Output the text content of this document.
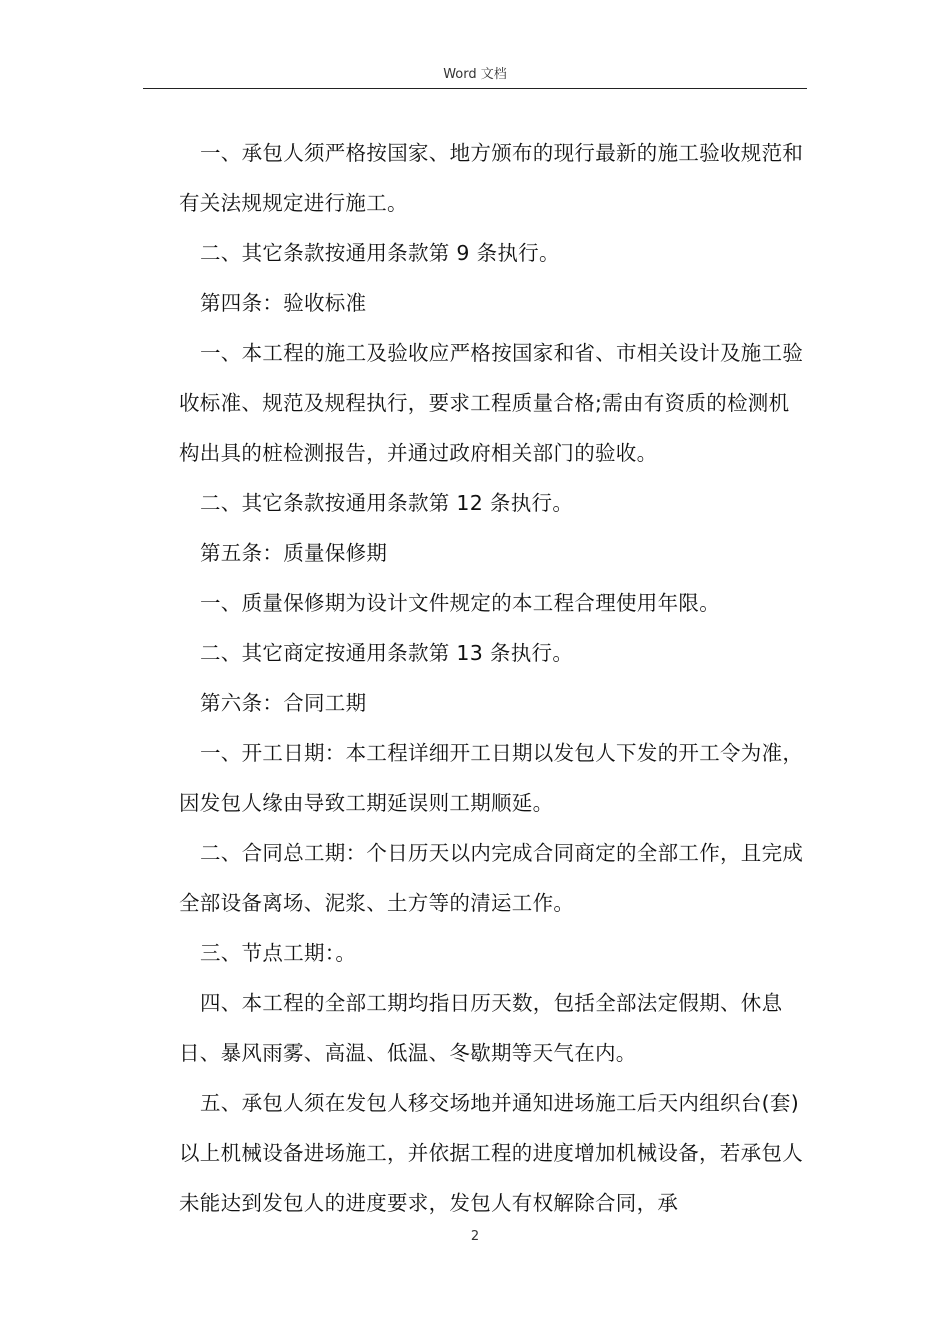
Word 文档

一、承包人须严格按国家、地方颁布的现行最新的施工验收规范和有关法规规定进行施工。

二、其它条款按通用条款第 9 条执行。

第四条：验收标准

一、本工程的施工及验收应严格按国家和省、市相关设计及施工验收标准、规范及规程执行，要求工程质量合格;需由有资质的检测机构出具的桩检测报告，并通过政府相关部门的验收。

二、其它条款按通用条款第 12 条执行。

第五条：质量保修期

一、质量保修期为设计文件规定的本工程合理使用年限。

二、其它商定按通用条款第 13 条执行。

第六条：合同工期

一、开工日期：本工程详细开工日期以发包人下发的开工令为准，因发包人缘由导致工期延误则工期顺延。

二、合同总工期：个日历天以内完成合同商定的全部工作，且完成全部设备离场、泥浆、土方等的清运工作。

三、节点工期：。

四、本工程的全部工期均指日历天数，包括全部法定假期、休息日、暴风雨雾、高温、低温、冬歇期等天气在内。

五、承包人须在发包人移交场地并通知进场施工后天内组织台(套)以上机械设备进场施工，并依据工程的进度增加机械设备，若承包人未能达到发包人的进度要求，发包人有权解除合同，承

2
